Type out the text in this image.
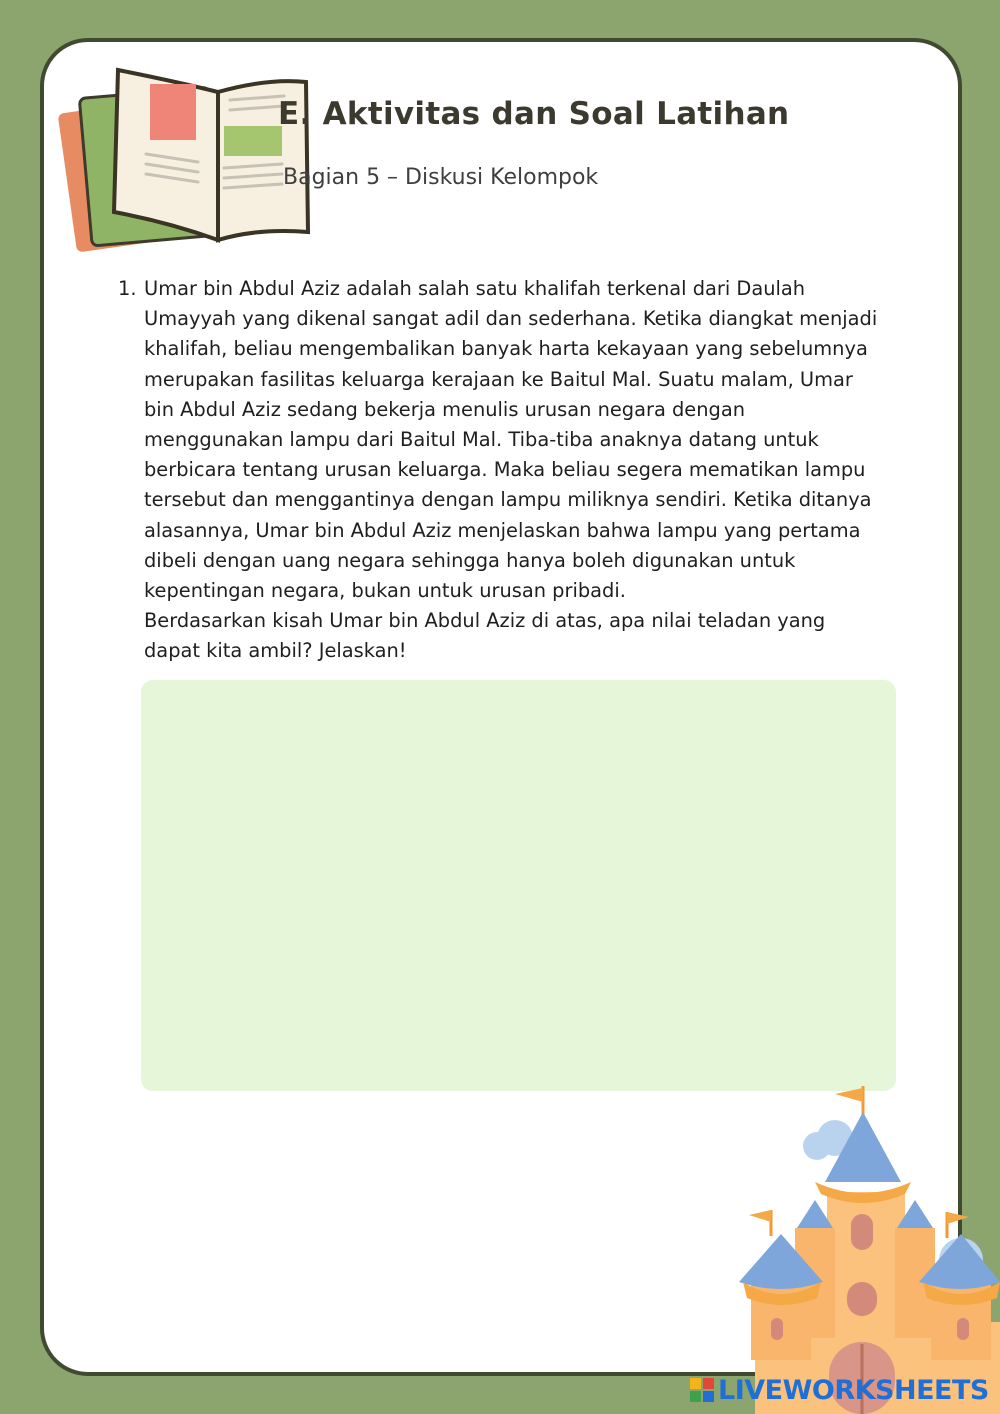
E. Aktivitas dan Soal Latihan
Bagian 5 – Diskusi Kelompok
1. Umar bin Abdul Aziz adalah salah satu khalifah terkenal dari Daulah
Umayyah yang dikenal sangat adil dan sederhana. Ketika diangkat menjadi
khalifah, beliau mengembalikan banyak harta kekayaan yang sebelumnya
merupakan fasilitas keluarga kerajaan ke Baitul Mal. Suatu malam, Umar
bin Abdul Aziz sedang bekerja menulis urusan negara dengan
menggunakan lampu dari Baitul Mal. Tiba-tiba anaknya datang untuk
berbicara tentang urusan keluarga. Maka beliau segera mematikan lampu
tersebut dan menggantinya dengan lampu miliknya sendiri. Ketika ditanya
alasannya, Umar bin Abdul Aziz menjelaskan bahwa lampu yang pertama
dibeli dengan uang negara sehingga hanya boleh digunakan untuk
kepentingan negara, bukan untuk urusan pribadi.
Berdasarkan kisah Umar bin Abdul Aziz di atas, apa nilai teladan yang
dapat kita ambil? Jelaskan!
LIVEWORKSHEETS
